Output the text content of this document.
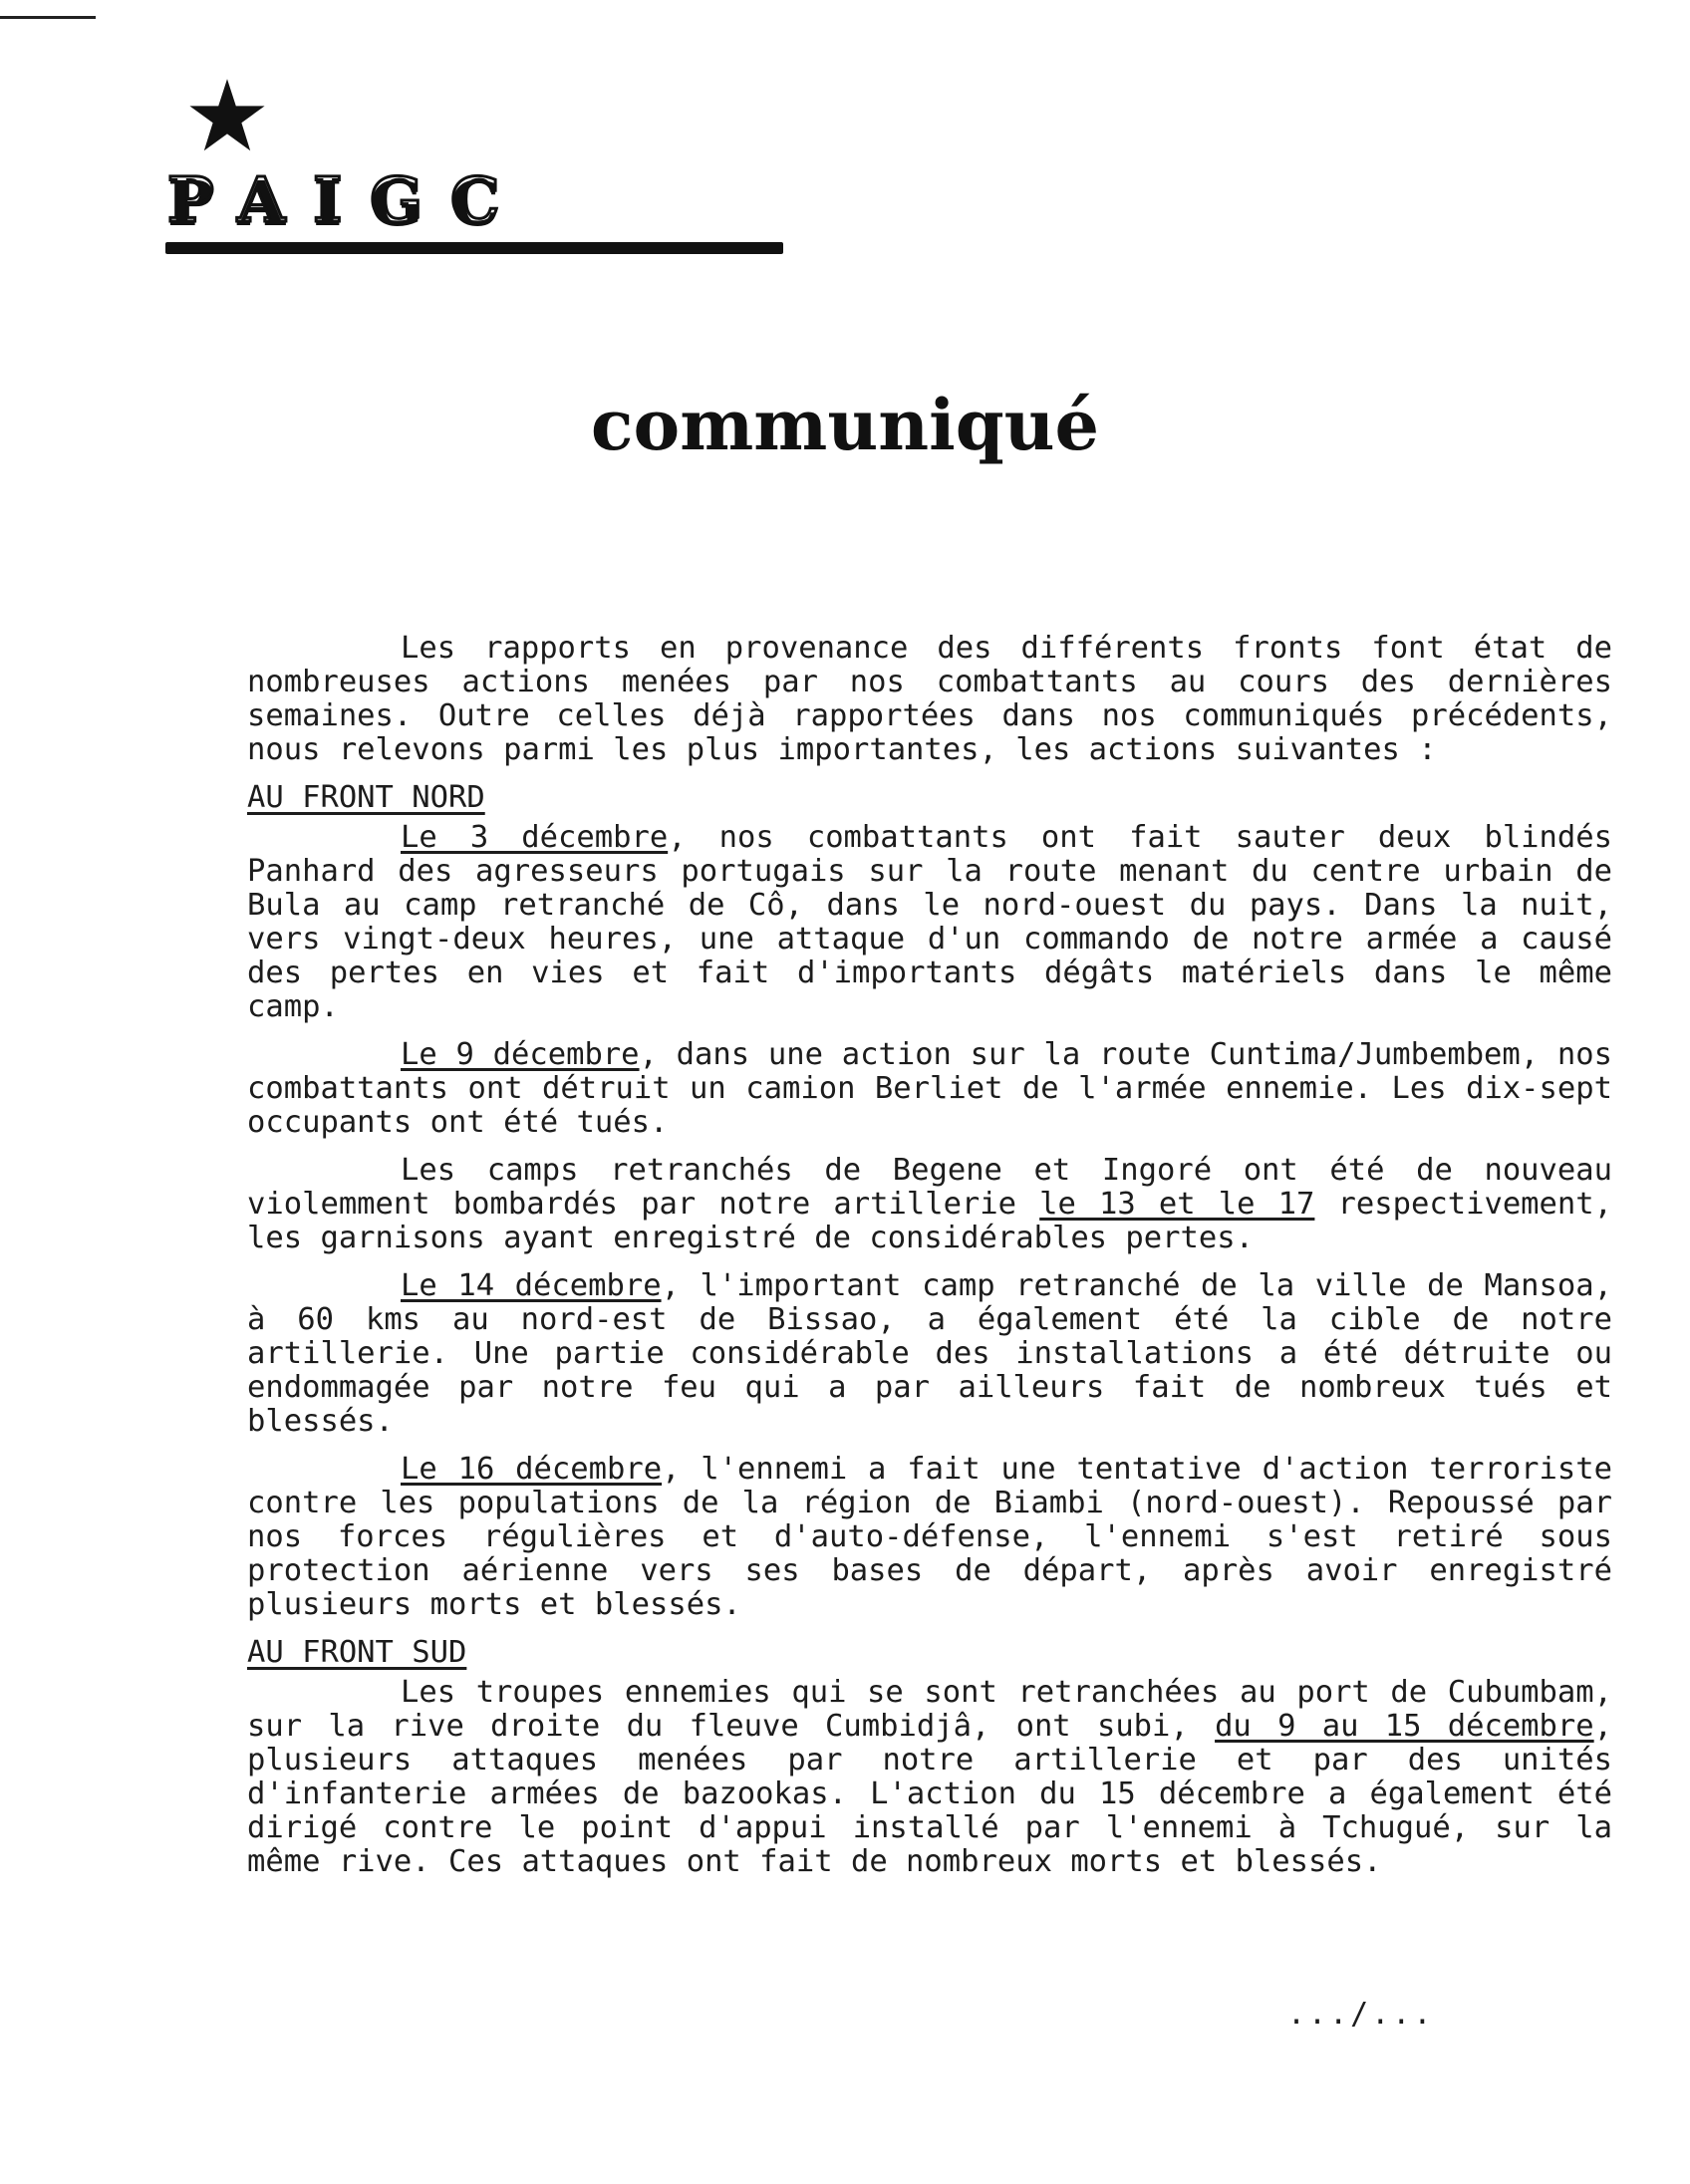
PAIGC
communiqué

Les rapports en provenance des différents fronts font état de nombreuses actions menées par nos combattants au cours des dernières semaines. Outre celles déjà rapportées dans nos communiqués précédents, nous relevons parmi les plus importantes, les actions suivantes :

AU FRONT NORD

Le 3 décembre, nos combattants ont fait sauter deux blindés Panhard des agresseurs portugais sur la route menant du centre urbain de Bula au camp retranché de Cô, dans le nord-ouest du pays. Dans la nuit, vers vingt-deux heures, une attaque d'un commando de notre armée a causé des pertes en vies et fait d'importants dégâts matériels dans le même camp.

Le 9 décembre, dans une action sur la route Cuntima/Jumbembem, nos combattants ont détruit un camion Berliet de l'armée ennemie. Les dix-sept occupants ont été tués.

Les camps retranchés de Begene et Ingoré ont été de nouveau violemment bombardés par notre artillerie le 13 et le 17 respectivement, les garnisons ayant enregistré de considérables pertes.

Le 14 décembre, l'important camp retranché de la ville de Mansoa, à 60 kms au nord-est de Bissao, a également été la cible de notre artillerie. Une partie considérable des installations a été détruite ou endommagée par notre feu qui a par ailleurs fait de nombreux tués et blessés.

Le 16 décembre, l'ennemi a fait une tentative d'action terroriste contre les populations de la région de Biambi (nord-ouest). Repoussé par nos forces régulières et d'auto-défense, l'ennemi s'est retiré sous protection aérienne vers ses bases de départ, après avoir enregistré plusieurs morts et blessés.

AU FRONT SUD

Les troupes ennemies qui se sont retranchées au port de Cubumbam, sur la rive droite du fleuve Cumbidjâ, ont subi, du 9 au 15 décembre, plusieurs attaques menées par notre artillerie et par des unités d'infanterie armées de bazookas. L'action du 15 décembre a également été dirigé contre le point d'appui installé par l'ennemi à Tchugué, sur la même rive. Ces attaques ont fait de nombreux morts et blessés.

.../...
